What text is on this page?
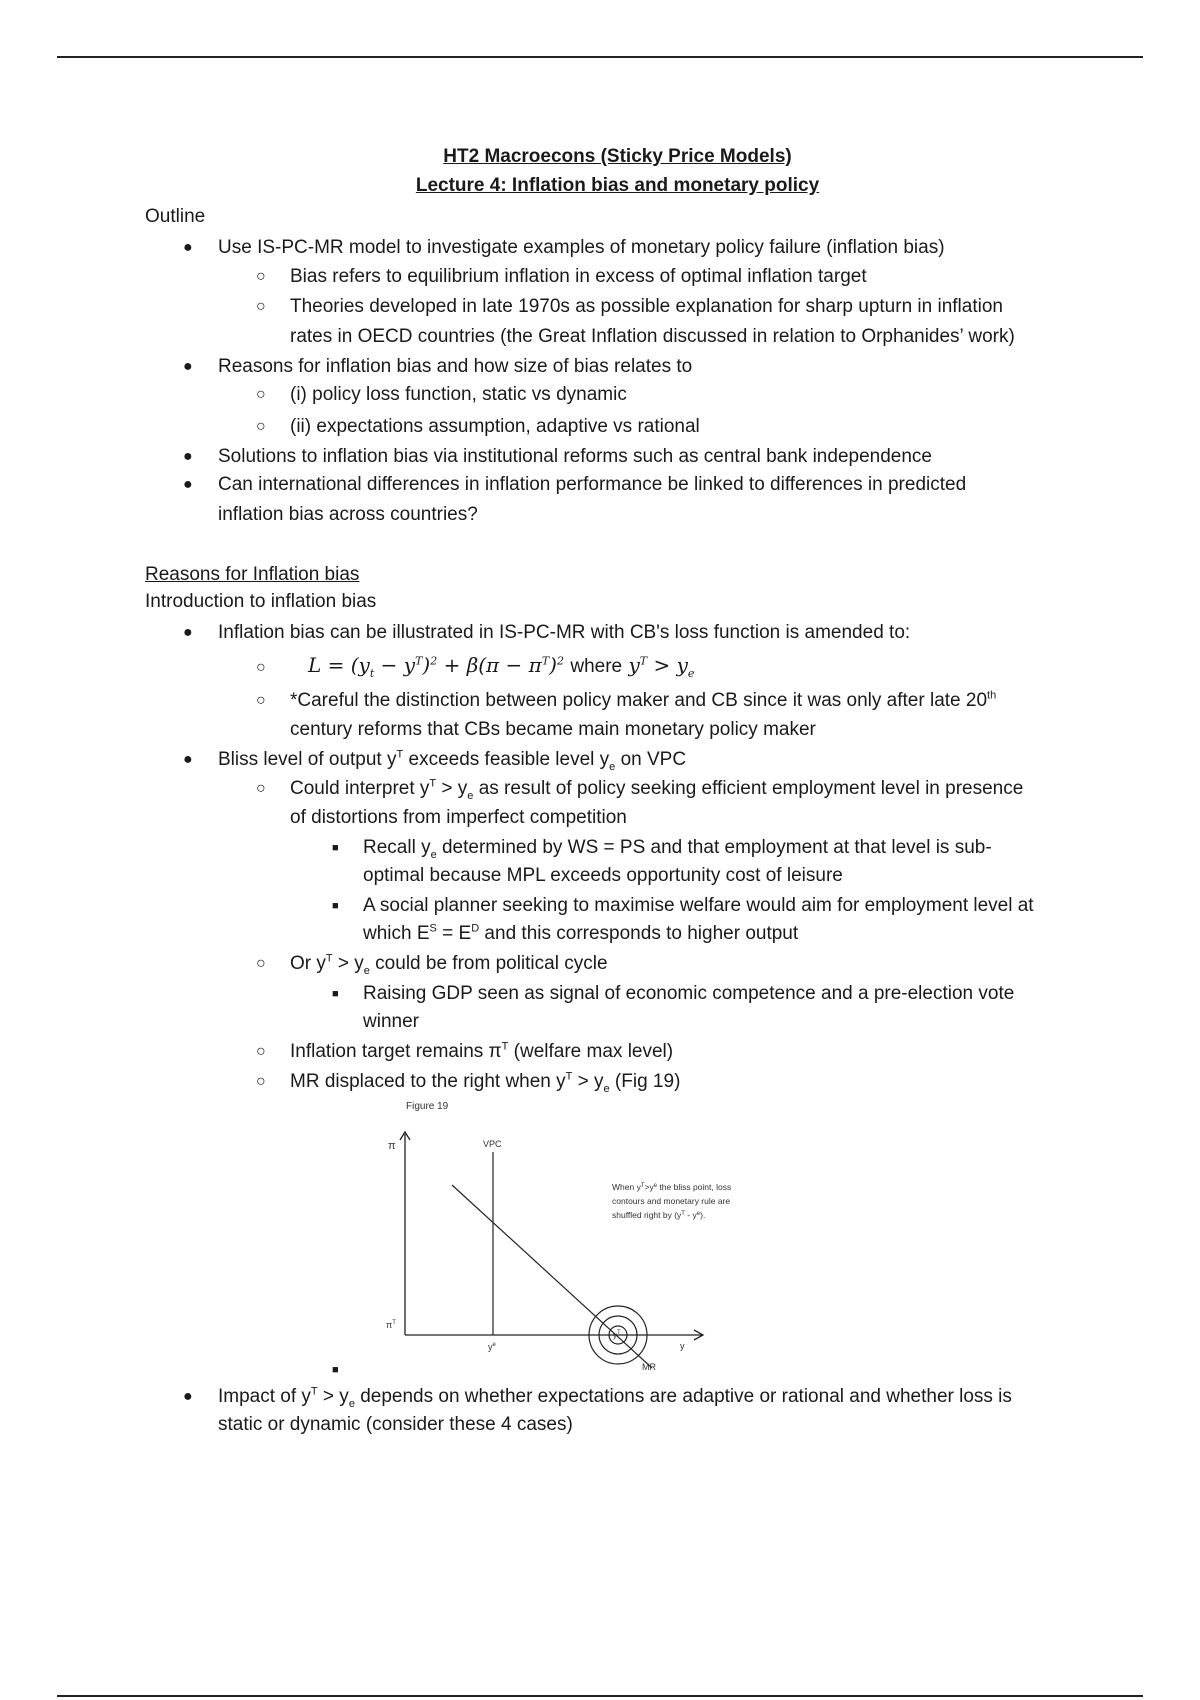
HT2 Macroecons (Sticky Price Models)
Lecture 4: Inflation bias and monetary policy
Outline
● Use IS-PC-MR model to investigate examples of monetary policy failure (inflation bias)
○ Bias refers to equilibrium inflation in excess of optimal inflation target
○ Theories developed in late 1970s as possible explanation for sharp upturn in inflation
rates in OECD countries (the Great Inflation discussed in relation to Orphanides’ work)
● Reasons for inflation bias and how size of bias relates to
○ (i) policy loss function, static vs dynamic
○ (ii) expectations assumption, adaptive vs rational
● Solutions to inflation bias via institutional reforms such as central bank independence
● Can international differences in inflation performance be linked to differences in predicted
inflation bias across countries?
Reasons for Inflation bias
Introduction to inflation bias
● Inflation bias can be illustrated in IS-PC-MR with CB's loss function is amended to:
○ $L = (y_t - y^T)^2 + \beta(\pi - \pi^T)^2$ where $y^T > y_e$
○ *Careful the distinction between policy maker and CB since it was only after late 20th
century reforms that CBs became main monetary policy maker
● Bliss level of output $y^T$ exceeds feasible level $y_e$ on VPC
○ Could interpret $y^T > y_e$ as result of policy seeking efficient employment level in presence
of distortions from imperfect competition
■ Recall $y_e$ determined by WS = PS and that employment at that level is sub-
optimal because MPL exceeds opportunity cost of leisure
■ A social planner seeking to maximise welfare would aim for employment level at
which $E^S = E^D$ and this corresponds to higher output
○ Or $y^T > y_e$ could be from political cycle
■ Raising GDP seen as signal of economic competence and a pre-election vote
winner
○ Inflation target remains $\pi^T$ (welfare max level)
○ MR displaced to the right when $y^T > y_e$ (Fig 19)
Figure 19
π	VPC
MR
$\pi^T$
$y^e$
$y^T$
y
When $y^T>y^e$ the bliss point, loss
contours and monetary rule are
shuffled right by $(y^T - y^e)$.
■
● Impact of $y^T > y_e$ depends on whether expectations are adaptive or rational and whether loss is
static or dynamic (consider these 4 cases)
